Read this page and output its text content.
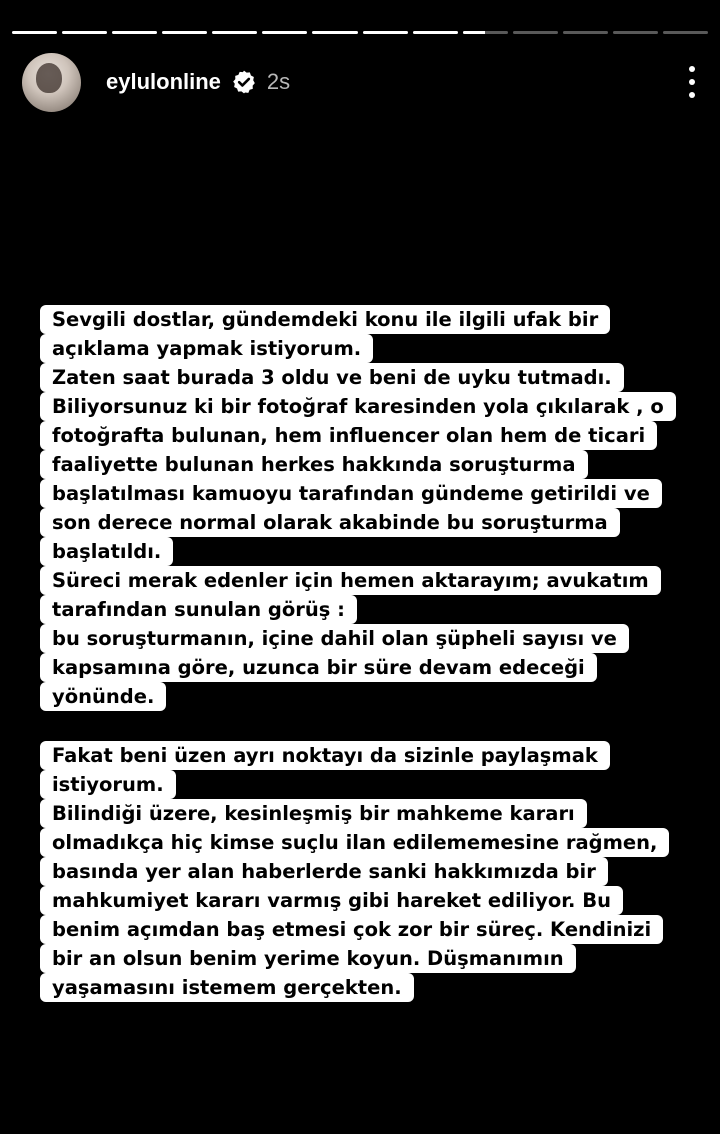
eylulonline 2s
Sevgili dostlar, gündemdeki konu ile ilgili ufak bir
açıklama yapmak istiyorum.
Zaten saat burada 3 oldu ve beni de uyku tutmadı.
Biliyorsunuz ki bir fotoğraf karesinden yola çıkılarak , o
fotoğrafta bulunan, hem influencer olan hem de ticari
faaliyette bulunan herkes hakkında soruşturma
başlatılması kamuoyu tarafından gündeme getirildi ve
son derece normal olarak akabinde bu soruşturma
başlatıldı.
Süreci merak edenler için hemen aktarayım; avukatım
tarafından sunulan görüş :
bu soruşturmanın, içine dahil olan şüpheli sayısı ve
kapsamına göre, uzunca bir süre devam edeceği
yönünde.
Fakat beni üzen ayrı noktayı da sizinle paylaşmak
istiyorum.
Bilindiği üzere, kesinleşmiş bir mahkeme kararı
olmadıkça hiç kimse suçlu ilan edilememesine rağmen,
basında yer alan haberlerde sanki hakkımızda bir
mahkumiyet kararı varmış gibi hareket ediliyor. Bu
benim açımdan baş etmesi çok zor bir süreç. Kendinizi
bir an olsun benim yerime koyun. Düşmanımın
yaşamasını istemem gerçekten.
